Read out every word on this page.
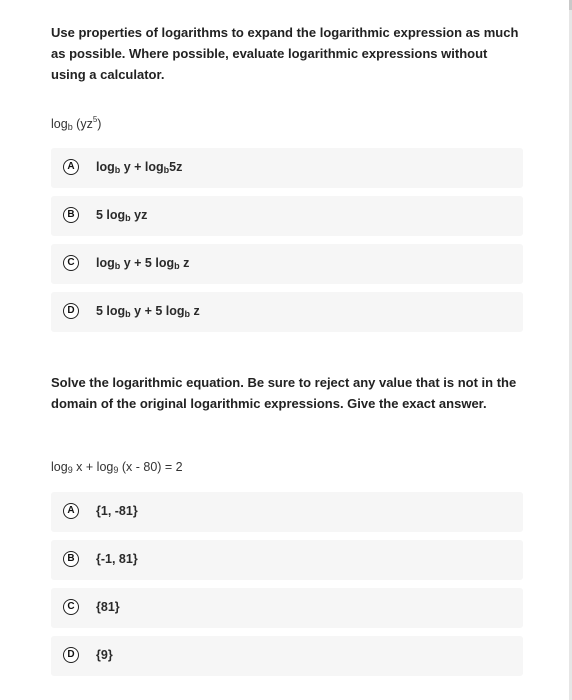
Use properties of logarithms to expand the logarithmic expression as much as possible. Where possible, evaluate logarithmic expressions without using a calculator.

$\log_b (yz^5)$

A	$\log_b y + \log_b5z$
B	5 $\log_b$ yz
C	$\log_b y + 5$ $\log_b z$
D	5 $\log_b y + 5$ $\log_b z$

Solve the logarithmic equation. Be sure to reject any value that is not in the domain of the original logarithmic expressions. Give the exact answer.

$\log_9 x + \log_9 (x - 80) = 2$

A	{1, -81}
B	{-1, 81}
C	{81}
D	{9}
